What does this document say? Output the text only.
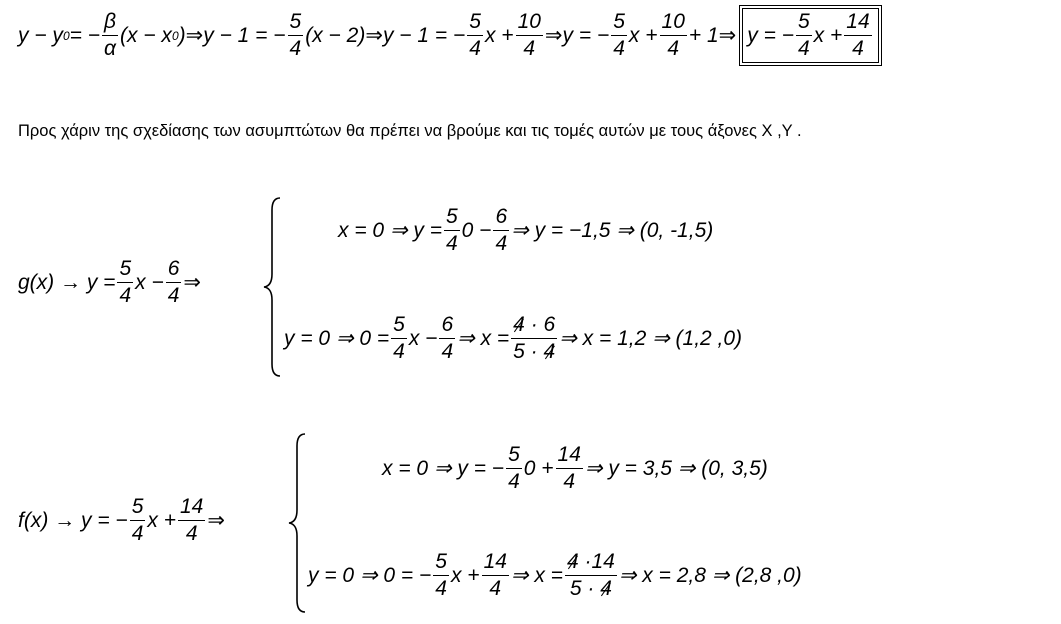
y − y 0 = − $\frac{\beta}{\alpha} (x - x$ 0 ) ⇒ y − 1 = − $\frac{5}{4} (x - 2)$ ⇒ y − 1 = − $\frac{5}{4}$ $x + \frac{10}{4}$ ⇒ y = − $\frac{5}{4}$ $x + \frac{10}{4} + 1$ ⇒ y = − $\frac{5}{4}$ $x + \frac{14}{4}$
Προς χάριν της σχεδίασης των ασυμπτώτων θα πρέπει να βρούμε και τις τομές αυτών με τους άξονες X ,Y .
$g(x) \to y = \frac{5}{4}$ $x - \frac{6}{4}$ ⇒
x = 0 ⇒ $y = \frac{5}{4} 0 - \frac{6}{4}$ ⇒ y = −1,5 ⇒ (0, -1,5)
y = 0 ⇒ $0 = \frac{5}{4}$ $x - \frac{6}{4}$ ⇒ $x = \frac{4 \cdot 6}{5 \cdot 4}$ ⇒ x = 1,2 ⇒ (1,2 ,0)
f(x) → y = − $\frac{5}{4}$ $x + \frac{14}{4}$ ⇒
x = 0 ⇒ y = − $\frac{5}{4} 0 + \frac{14}{4}$ ⇒ y = 3,5 ⇒ (0, 3,5)
y = 0 ⇒ 0 = − $\frac{5}{4}$ $x + \frac{14}{4}$ ⇒ $x = \frac{4 \cdot 14}{5 \cdot 4}$ ⇒ x = 2,8 ⇒ (2,8 ,0)
